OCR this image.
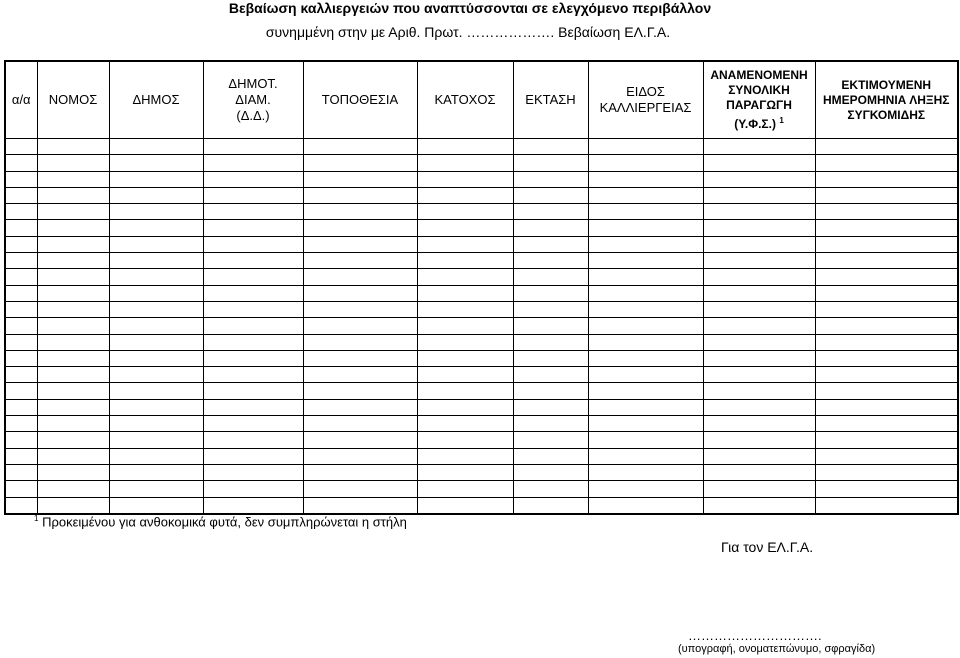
Βεβαίωση καλλιεργειών που αναπτύσσονται σε ελεγχόμενο περιβάλλον
συνημμένη στην με Αριθ. Πρωτ. ………………. Βεβαίωση ΕΛ.Γ.Α.
α/α	ΝΟΜΟΣ	ΔΗΜΟΣ	ΔΗΜΟΤ. ΔΙΑΜ. (Δ.Δ.)	ΤΟΠΟΘΕΣΙΑ	ΚΑΤΟΧΟΣ	ΕΚΤΑΣΗ	ΕΙΔΟΣ ΚΑΛΛΙΕΡΓΕΙΑΣ	ΑΝΑΜΕΝΟΜΕΝΗ ΣΥΝΟΛΙΚΗ ΠΑΡΑΓΩΓΗ (Υ.Φ.Σ.) $^1$	ΕΚΤΙΜΟΥΜΕΝΗ ΗΜΕΡΟΜΗΝΙΑ ΛΗΞΗΣ ΣΥΓΚΟΜΙΔΗΣ

$^1$ Προκειμένου για ανθοκομικά φυτά, δεν συμπληρώνεται η στήλη
Για τον ΕΛ.Γ.Α.
………………………….
(υπογραφή, ονοματεπώνυμο, σφραγίδα)
